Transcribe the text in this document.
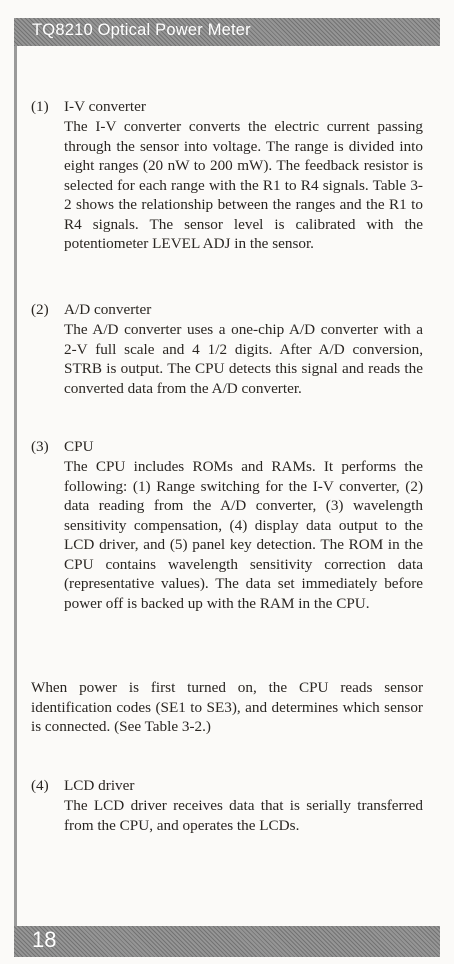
TQ8210 Optical Power Meter
(1)	I-V converter
The I-V converter converts the electric current passing through the sensor into voltage. The range is divided into eight ranges (20 nW to 200 mW). The feedback resistor is selected for each range with the R1 to R4 signals. Table 3-2 shows the relationship between the ranges and the R1 to R4 signals. The sensor level is calibrated with the potentiometer LEVEL ADJ in the sensor.
(2)	A/D converter
The A/D converter uses a one-chip A/D converter with a 2-V full scale and 4 1/2 digits. After A/D conversion, STRB is output. The CPU detects this signal and reads the converted data from the A/D converter.
(3)	CPU
The CPU includes ROMs and RAMs. It performs the following: (1) Range switching for the I-V converter, (2) data reading from the A/D converter, (3) wavelength sensitivity compensation, (4) display data output to the LCD driver, and (5) panel key detection. The ROM in the CPU contains wavelength sensitivity correction data (representative values). The data set immediately before power off is backed up with the RAM in the CPU.
When power is first turned on, the CPU reads sensor identification codes (SE1 to SE3), and determines which sensor is connected. (See Table 3-2.)
(4)	LCD driver
The LCD driver receives data that is serially transferred from the CPU, and operates the LCDs.
18
